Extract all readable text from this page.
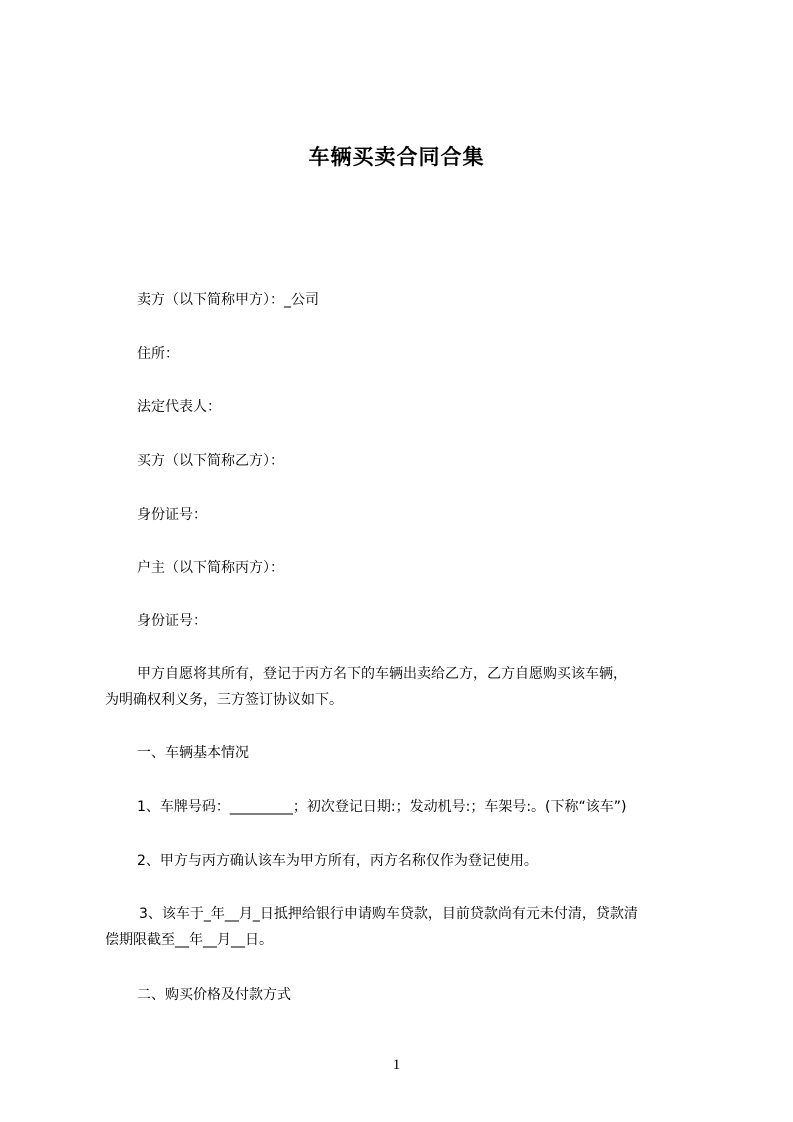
车辆买卖合同合集
卖方（以下简称甲方）：_公司
住所：
法定代表人：
买方（以下简称乙方）：
身份证号：
户主（以下简称丙方）：
身份证号：
甲方自愿将其所有，登记于丙方名下的车辆出卖给乙方，乙方自愿购买该车辆，
为明确权利义务，三方签订协议如下。
一、车辆基本情况
1、车牌号码：_________；初次登记日期:；发动机号:；车架号:。(下称“该车”)
2、甲方与丙方确认该车为甲方所有，丙方名称仅作为登记使用。
3、该车于_年__月_日抵押给银行申请购车贷款，目前贷款尚有元未付清，贷款清
偿期限截至__年__月__日。
二、购买价格及付款方式
1
